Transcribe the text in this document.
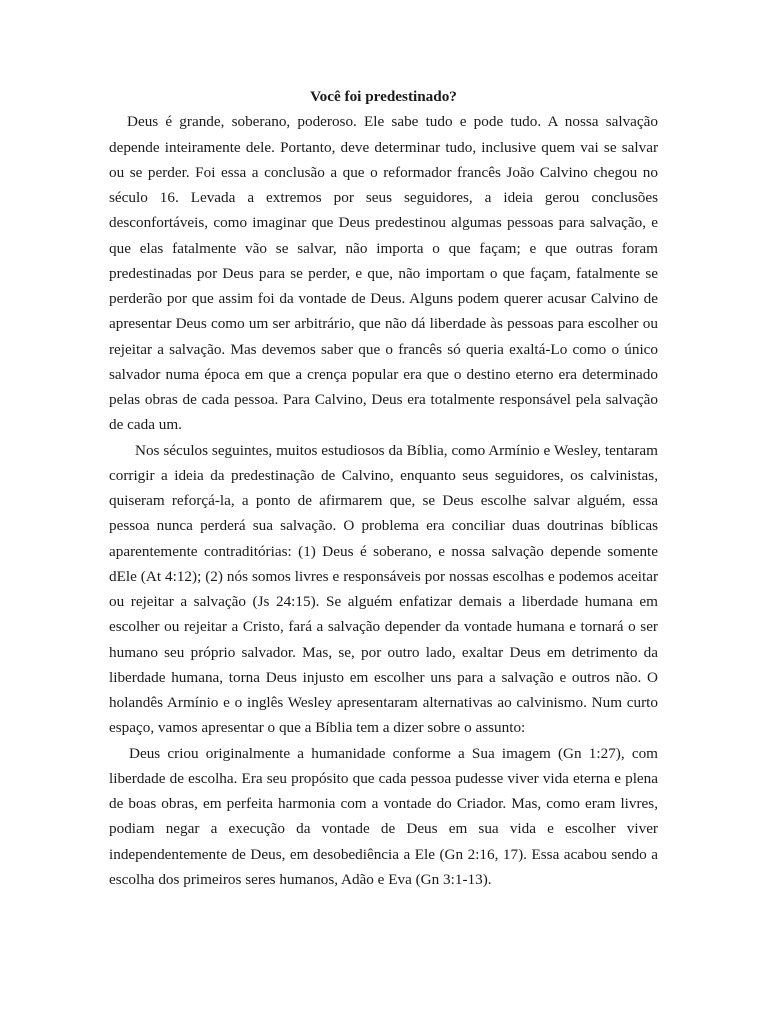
Você foi predestinado?

Deus é grande, soberano, poderoso. Ele sabe tudo e pode tudo. A nossa salvação depende inteiramente dele. Portanto, deve determinar tudo, inclusive quem vai se salvar ou se perder. Foi essa a conclusão a que o reformador francês João Calvino chegou no século 16. Levada a extremos por seus seguidores, a ideia gerou conclusões desconfortáveis, como imaginar que Deus predestinou algumas pessoas para salvação, e que elas fatalmente vão se salvar, não importa o que façam; e que outras foram predestinadas por Deus para se perder, e que, não importam o que façam, fatalmente se perderão por que assim foi da vontade de Deus. Alguns podem querer acusar Calvino de apresentar Deus como um ser arbitrário, que não dá liberdade às pessoas para escolher ou rejeitar a salvação. Mas devemos saber que o francês só queria exaltá-Lo como o único salvador numa época em que a crença popular era que o destino eterno era determinado pelas obras de cada pessoa. Para Calvino, Deus era totalmente responsável pela salvação de cada um.

Nos séculos seguintes, muitos estudiosos da Bíblia, como Armínio e Wesley, tentaram corrigir a ideia da predestinação de Calvino, enquanto seus seguidores, os calvinistas, quiseram reforçá-la, a ponto de afirmarem que, se Deus escolhe salvar alguém, essa pessoa nunca perderá sua salvação. O problema era conciliar duas doutrinas bíblicas aparentemente contraditórias: (1) Deus é soberano, e nossa salvação depende somente dEle (At 4:12); (2) nós somos livres e responsáveis por nossas escolhas e podemos aceitar ou rejeitar a salvação (Js 24:15). Se alguém enfatizar demais a liberdade humana em escolher ou rejeitar a Cristo, fará a salvação depender da vontade humana e tornará o ser humano seu próprio salvador. Mas, se, por outro lado, exaltar Deus em detrimento da liberdade humana, torna Deus injusto em escolher uns para a salvação e outros não. O holandês Armínio e o inglês Wesley apresentaram alternativas ao calvinismo. Num curto espaço, vamos apresentar o que a Bíblia tem a dizer sobre o assunto:

Deus criou originalmente a humanidade conforme a Sua imagem (Gn 1:27), com liberdade de escolha. Era seu propósito que cada pessoa pudesse viver vida eterna e plena de boas obras, em perfeita harmonia com a vontade do Criador. Mas, como eram livres, podiam negar a execução da vontade de Deus em sua vida e escolher viver independentemente de Deus, em desobediência a Ele (Gn 2:16, 17). Essa acabou sendo a escolha dos primeiros seres humanos, Adão e Eva (Gn 3:1-13).
